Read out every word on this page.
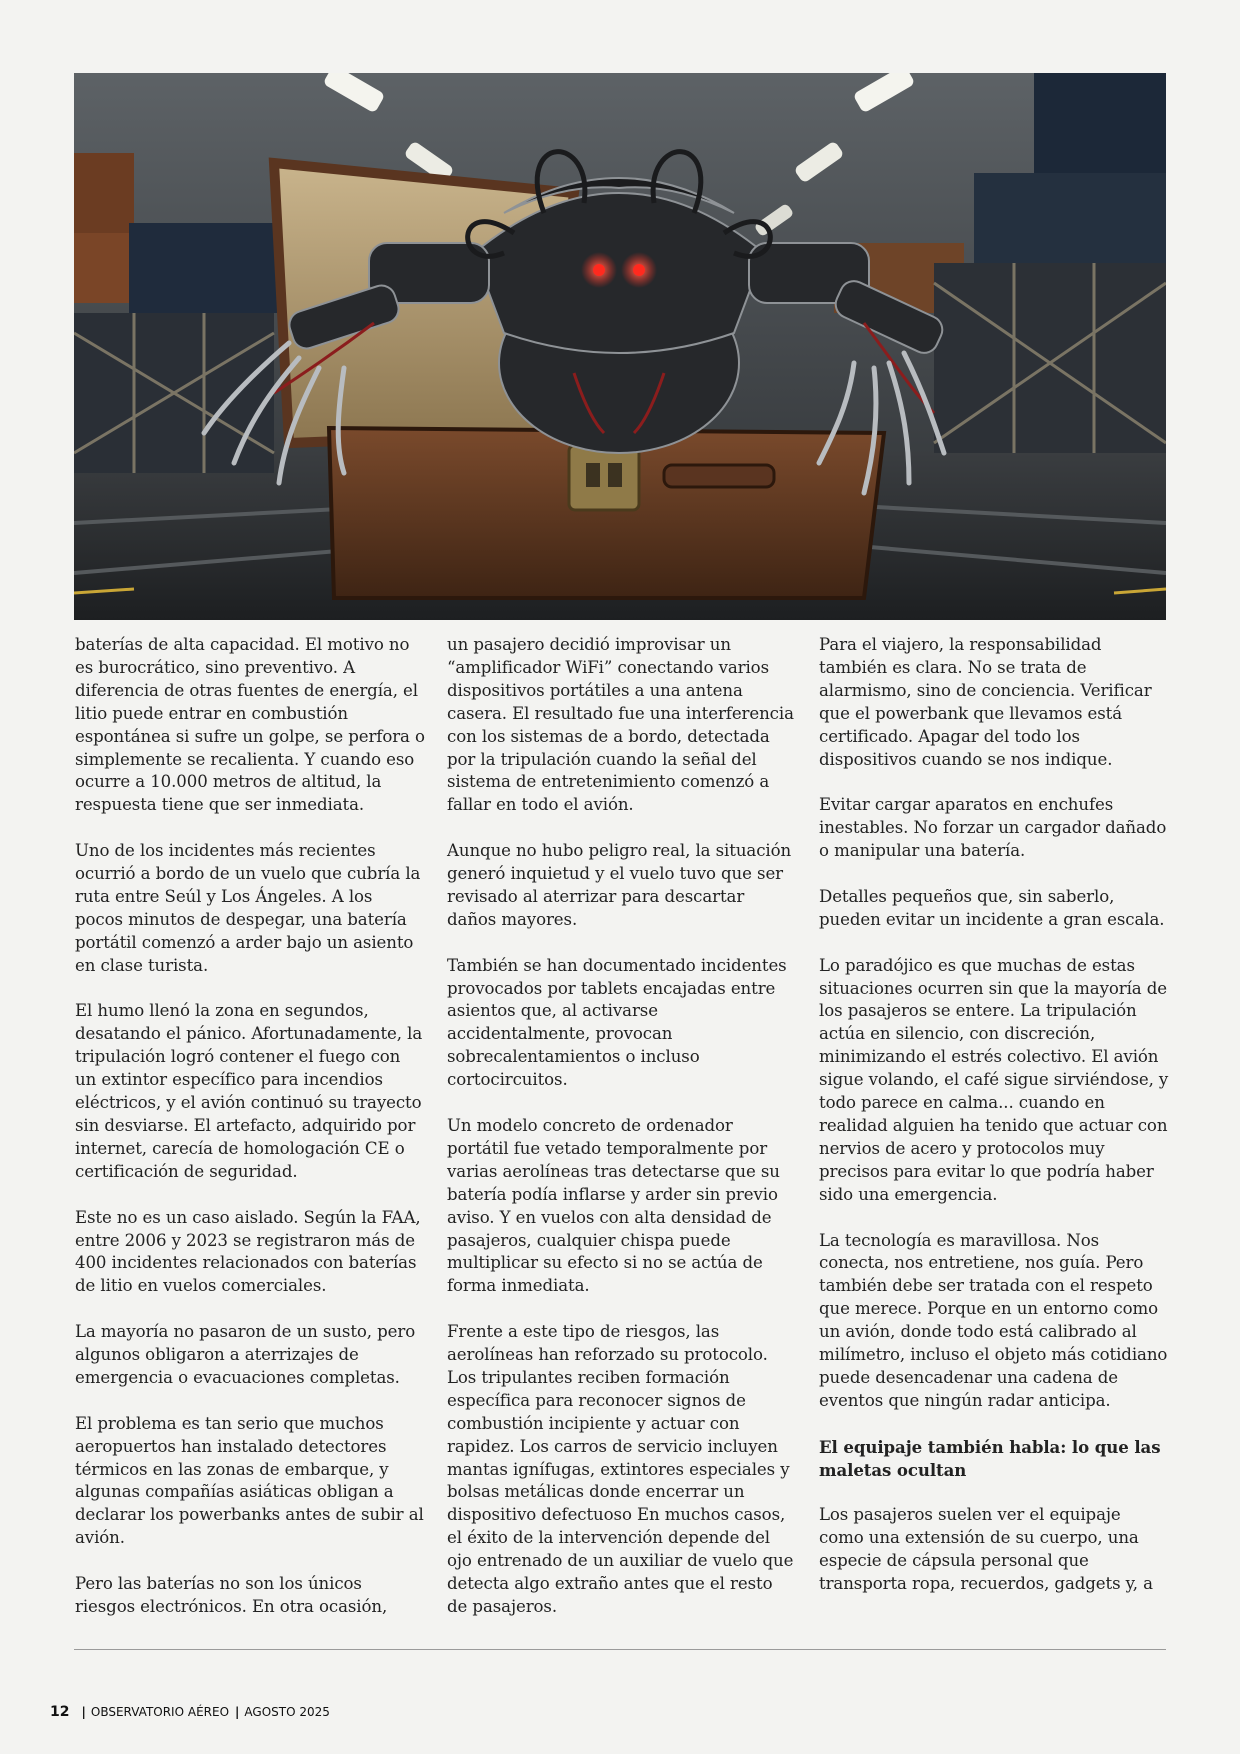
baterías de alta capacidad. El motivo no es burocrático, sino preventivo. A diferencia de otras fuentes de energía, el litio puede entrar en combustión espontánea si sufre un golpe, se perfora o simplemente se recalienta. Y cuando eso ocurre a 10.000 metros de altitud, la respuesta tiene que ser inmediata.

Uno de los incidentes más recientes ocurrió a bordo de un vuelo que cubría la ruta entre Seúl y Los Ángeles. A los pocos minutos de despegar, una batería portátil comenzó a arder bajo un asiento en clase turista.

El humo llenó la zona en segundos, desatando el pánico. Afortunadamente, la tripulación logró contener el fuego con un extintor específico para incendios eléctricos, y el avión continuó su trayecto sin desviarse. El artefacto, adquirido por internet, carecía de homologación CE o certificación de seguridad.

Este no es un caso aislado. Según la FAA, entre 2006 y 2023 se registraron más de 400 incidentes relacionados con baterías de litio en vuelos comerciales.

La mayoría no pasaron de un susto, pero algunos obligaron a aterrizajes de emergencia o evacuaciones completas.

El problema es tan serio que muchos aeropuertos han instalado detectores térmicos en las zonas de embarque, y algunas compañías asiáticas obligan a declarar los powerbanks antes de subir al avión.

Pero las baterías no son los únicos riesgos electrónicos. En otra ocasión,

un pasajero decidió improvisar un “amplificador WiFi” conectando varios dispositivos portátiles a una antena casera. El resultado fue una interferencia con los sistemas de a bordo, detectada por la tripulación cuando la señal del sistema de entretenimiento comenzó a fallar en todo el avión.

Aunque no hubo peligro real, la situación generó inquietud y el vuelo tuvo que ser revisado al aterrizar para descartar daños mayores.

También se han documentado incidentes provocados por tablets encajadas entre asientos que, al activarse accidentalmente, provocan sobrecalentamientos o incluso cortocircuitos.

Un modelo concreto de ordenador portátil fue vetado temporalmente por varias aerolíneas tras detectarse que su batería podía inflarse y arder sin previo aviso. Y en vuelos con alta densidad de pasajeros, cualquier chispa puede multiplicar su efecto si no se actúa de forma inmediata.

Frente a este tipo de riesgos, las aerolíneas han reforzado su protocolo. Los tripulantes reciben formación específica para reconocer signos de combustión incipiente y actuar con rapidez. Los carros de servicio incluyen mantas ignífugas, extintores especiales y bolsas metálicas donde encerrar un dispositivo defectuoso En muchos casos, el éxito de la intervención depende del ojo entrenado de un auxiliar de vuelo que detecta algo extraño antes que el resto de pasajeros.

Para el viajero, la responsabilidad también es clara. No se trata de alarmismo, sino de conciencia. Verificar que el powerbank que llevamos está certificado. Apagar del todo los dispositivos cuando se nos indique.

Evitar cargar aparatos en enchufes inestables. No forzar un cargador dañado o manipular una batería.

Detalles pequeños que, sin saberlo, pueden evitar un incidente a gran escala.

Lo paradójico es que muchas de estas situaciones ocurren sin que la mayoría de los pasajeros se entere. La tripulación actúa en silencio, con discreción, minimizando el estrés colectivo. El avión sigue volando, el café sigue sirviéndose, y todo parece en calma... cuando en realidad alguien ha tenido que actuar con nervios de acero y protocolos muy precisos para evitar lo que podría haber sido una emergencia.

La tecnología es maravillosa. Nos conecta, nos entretiene, nos guía. Pero también debe ser tratada con el respeto que merece. Porque en un entorno como un avión, donde todo está calibrado al milímetro, incluso el objeto más cotidiano puede desencadenar una cadena de eventos que ningún radar anticipa.

El equipaje también habla: lo que las maletas ocultan

Los pasajeros suelen ver el equipaje como una extensión de su cuerpo, una especie de cápsula personal que transporta ropa, recuerdos, gadgets y, a

12 | OBSERVATORIO AÉREO | AGOSTO 2025
